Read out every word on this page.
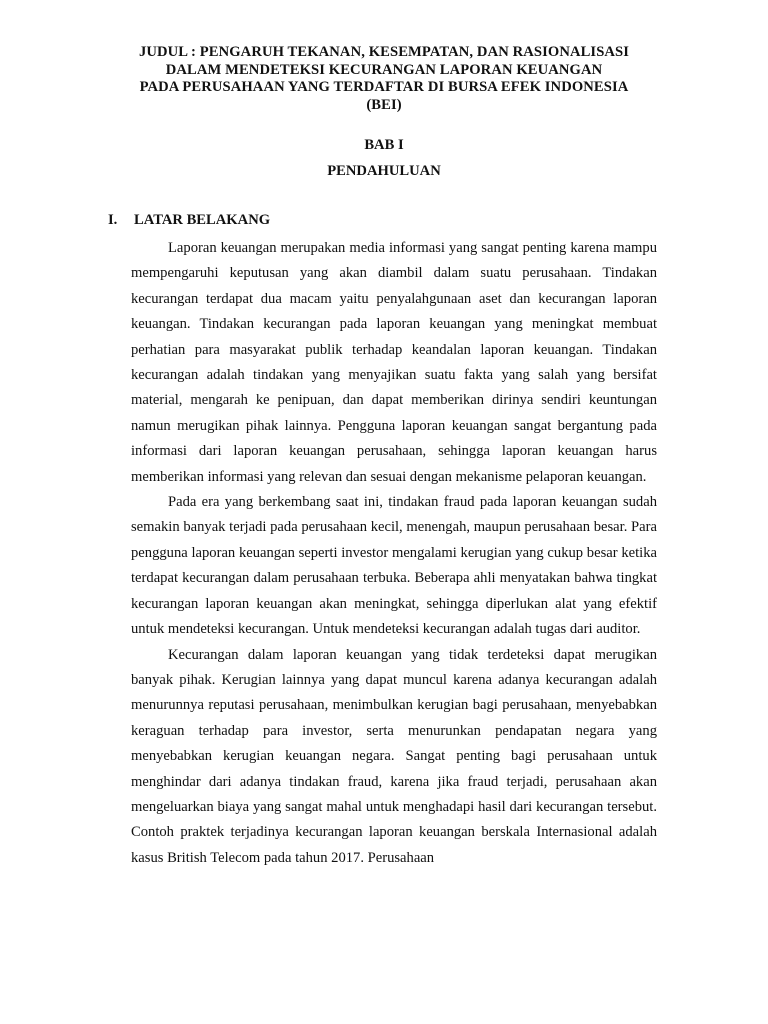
JUDUL : PENGARUH TEKANAN, KESEMPATAN, DAN RASIONALISASI
DALAM MENDETEKSI KECURANGAN LAPORAN KEUANGAN
PADA PERUSAHAAN YANG TERDAFTAR DI BURSA EFEK INDONESIA
(BEI)
BAB I
PENDAHULUAN
I. LATAR BELAKANG

Laporan keuangan merupakan media informasi yang sangat penting karena mampu mempengaruhi keputusan yang akan diambil dalam suatu perusahaan. Tindakan kecurangan terdapat dua macam yaitu penyalahgunaan aset dan kecurangan laporan keuangan. Tindakan kecurangan pada laporan keuangan yang meningkat membuat perhatian para masyarakat publik terhadap keandalan laporan keuangan. Tindakan kecurangan adalah tindakan yang menyajikan suatu fakta yang salah yang bersifat material, mengarah ke penipuan, dan dapat memberikan dirinya sendiri keuntungan namun merugikan pihak lainnya. Pengguna laporan keuangan sangat bergantung pada informasi dari laporan keuangan perusahaan, sehingga laporan keuangan harus memberikan informasi yang relevan dan sesuai dengan mekanisme pelaporan keuangan.

Pada era yang berkembang saat ini, tindakan fraud pada laporan keuangan sudah semakin banyak terjadi pada perusahaan kecil, menengah, maupun perusahaan besar. Para pengguna laporan keuangan seperti investor mengalami kerugian yang cukup besar ketika terdapat kecurangan dalam perusahaan terbuka. Beberapa ahli menyatakan bahwa tingkat kecurangan laporan keuangan akan meningkat, sehingga diperlukan alat yang efektif untuk mendeteksi kecurangan. Untuk mendeteksi kecurangan adalah tugas dari auditor.

Kecurangan dalam laporan keuangan yang tidak terdeteksi dapat merugikan banyak pihak. Kerugian lainnya yang dapat muncul karena adanya kecurangan adalah menurunnya reputasi perusahaan, menimbulkan kerugian bagi perusahaan, menyebabkan keraguan terhadap para investor, serta menurunkan pendapatan negara yang menyebabkan kerugian keuangan negara. Sangat penting bagi perusahaan untuk menghindar dari adanya tindakan fraud, karena jika fraud terjadi, perusahaan akan mengeluarkan biaya yang sangat mahal untuk menghadapi hasil dari kecurangan tersebut. Contoh praktek terjadinya kecurangan laporan keuangan berskala Internasional adalah kasus British Telecom pada tahun 2017. Perusahaan
